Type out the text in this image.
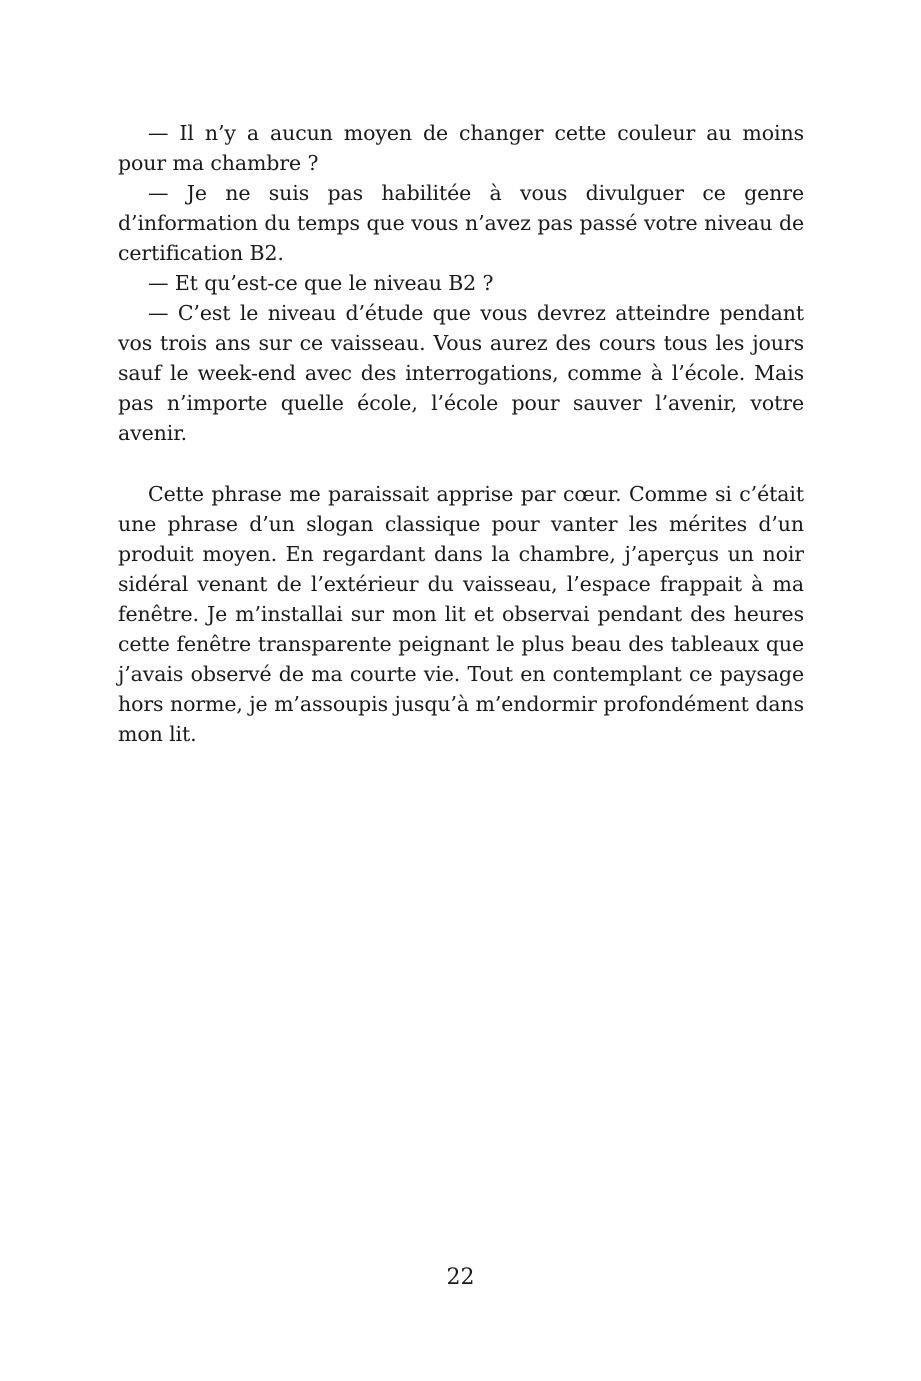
— Il n’y a aucun moyen de changer cette couleur au moins pour ma chambre ?

— Je ne suis pas habilitée à vous divulguer ce genre d’information du temps que vous n’avez pas passé votre niveau de certification B2.

— Et qu’est-ce que le niveau B2 ?

— C’est le niveau d’étude que vous devrez atteindre pendant vos trois ans sur ce vaisseau. Vous aurez des cours tous les jours sauf le week-end avec des interrogations, comme à l’école. Mais pas n’importe quelle école, l’école pour sauver l’avenir, votre avenir.

Cette phrase me paraissait apprise par cœur. Comme si c’était une phrase d’un slogan classique pour vanter les mérites d’un produit moyen. En regardant dans la chambre, j’aperçus un noir sidéral venant de l’extérieur du vaisseau, l’espace frappait à ma fenêtre. Je m’installai sur mon lit et observai pendant des heures cette fenêtre transparente peignant le plus beau des tableaux que j’avais observé de ma courte vie. Tout en contemplant ce paysage hors norme, je m’assoupis jusqu’à m’endormir profondément dans mon lit.

22
